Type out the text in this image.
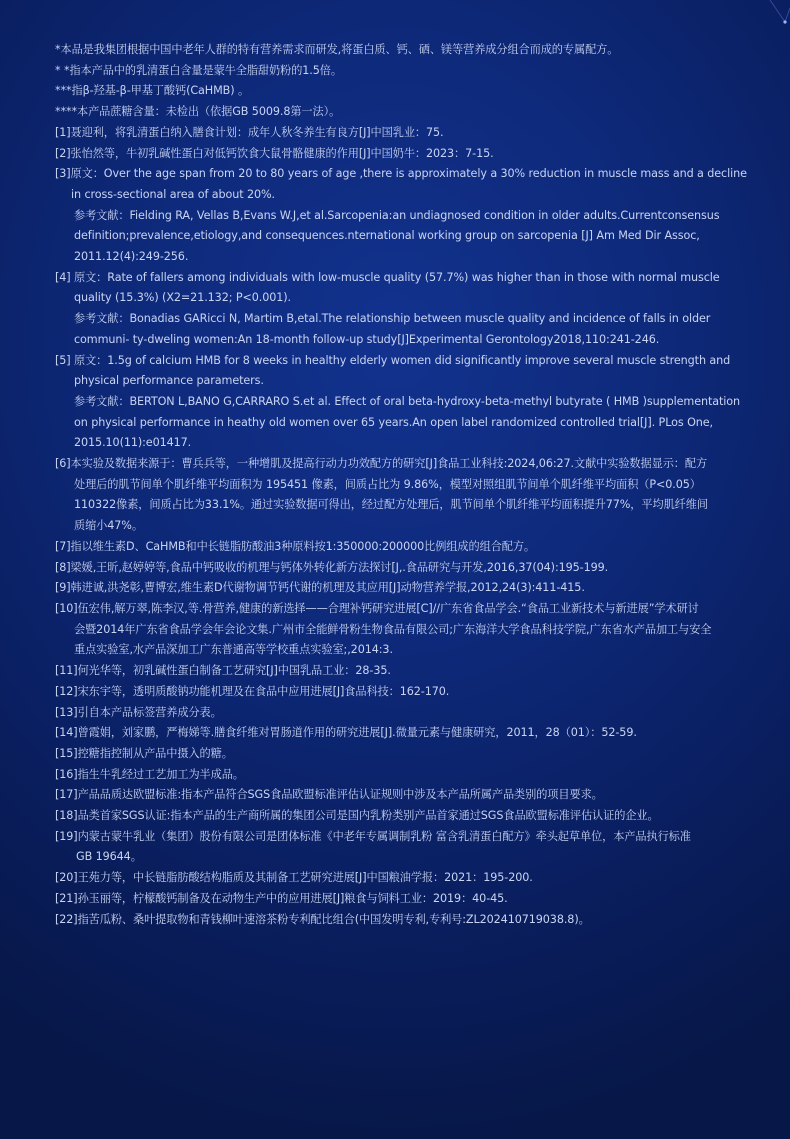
*本品是我集团根据中国中老年人群的特有营养需求而研发,将蛋白质、钙、硒、镁等营养成分组合而成的专属配方。
* *指本产品中的乳清蛋白含量是蒙牛全脂甜奶粉的1.5倍。
***指β-羟基-β-甲基丁酸钙(CaHMB) 。
****本产品蔗糖含量：未检出（依据GB 5009.8第一法）。
[1]聂迎利，将乳清蛋白纳入膳食计划：成年人秋冬养生有良方[J]中国乳业：75.
[2]张怡然等，牛初乳碱性蛋白对低钙饮食大鼠骨骼健康的作用[J]中国奶牛：2023：7-15.
[3]原文：Over the age span from 20 to 80 years of age ,there is approximately a 30% reduction in muscle mass and a decline
in cross-sectional area of about 20%.
参考文献：Fielding RA, Vellas B,Evans W.J,et al.Sarcopenia:an undiagnosed condition in older adults.Currentconsensus
definition;prevalence,etiology,and consequences.nternational working group on sarcopenia [J] Am Med Dir Assoc,
2011.12(4):249-256.
[4] 原文：Rate of fallers among individuals with low-muscle quality (57.7%) was higher than in those with normal muscle
quality (15.3%) (X2=21.132; P<0.001).
参考文献：Bonadias GARicci N, Martim B,etal.The relationship between muscle quality and incidence of falls in older
communi- ty-dweling women:An 18-month follow-up study[J]Experimental Gerontology2018,110:241-246.
[5] 原文：1.5g of calcium HMB for 8 weeks in healthy elderly women did significantly improve several muscle strength and
physical performance parameters.
参考文献：BERTON L,BANO G,CARRARO S.et al. Effect of oral beta-hydroxy-beta-methyl butyrate ( HMB )supplementation
on physical performance in heathy old women over 65 years.An open label randomized controlled trial[J]. PLos One,
2015.10(11):e01417.
[6]本实验及数据来源于：曹兵兵等，一种增肌及提高行动力功效配方的研究[J]食品工业科技:2024,06:27.文献中实验数据显示：配方
处理后的肌节间单个肌纤维平均面积为 195451 像素，间质占比为 9.86%，模型对照组肌节间单个肌纤维平均面积（P<0.05）
110322像素，间质占比为33.1%。通过实验数据可得出，经过配方处理后，肌节间单个肌纤维平均面积提升77%，平均肌纤维间
质缩小47%。
[7]指以维生素D、CaHMB和中长链脂肪酸油3种原料按1:350000:200000比例组成的组合配方。
[8]梁媛,王昕,赵婷婷等,食品中钙吸收的机理与钙体外转化新方法探讨[J,.食品研究与开发,2016,37(04):195-199.
[9]韩进诚,洪尧彰,曹博宏,维生素D代谢物调节钙代谢的机理及其应用[J]动物营养学报,2012,24(3):411-415.
[10]伍宏伟,解万翠,陈李汉,等.骨营养,健康的新选择——合理补钙研究进展[C]//广东省食品学会.“食品工业新技术与新进展”学术研讨
会暨2014年广东省食品学会年会论文集.广州市全能鲜骨粉生物食品有限公司;广东海洋大学食品科技学院,广东省水产品加工与安全
重点实验室,水产品深加工广东普通高等学校重点实验室;,2014:3.
[11]何光华等，初乳碱性蛋白制备工艺研究[J]中国乳品工业：28-35.
[12]宋东宇等，透明质酸钠功能机理及在食品中应用进展[J]食品科技：162-170.
[13]引自本产品标签营养成分表。
[14]曾霞娟，刘家鹏，严梅娣等.膳食纤维对胃肠道作用的研究进展[J].微量元素与健康研究，2011，28（01）：52-59.
[15]控糖指控制从产品中摄入的糖。
[16]指生牛乳经过工艺加工为半成品。
[17]产品品质达欧盟标准:指本产品符合SGS食品欧盟标准评估认证规则中涉及本产品所属产品类别的项目要求。
[18]品类首家SGS认证:指本产品的生产商所属的集团公司是国内乳粉类别产品首家通过SGS食品欧盟标准评估认证的企业。
[19]内蒙古蒙牛乳业（集团）股份有限公司是团体标准《中老年专属调制乳粉 富含乳清蛋白配方》牵头起草单位，本产品执行标准
GB 19644。
[20]王苑力等，中长链脂肪酸结构脂质及其制备工艺研究进展[J]中国粮油学报：2021：195-200.
[21]孙玉丽等，柠檬酸钙制备及在动物生产中的应用进展[J]粮食与饲料工业：2019：40-45.
[22]指苦瓜粉、桑叶提取物和青钱柳叶速溶茶粉专利配比组合(中国发明专利,专利号:ZL202410719038.8)。
